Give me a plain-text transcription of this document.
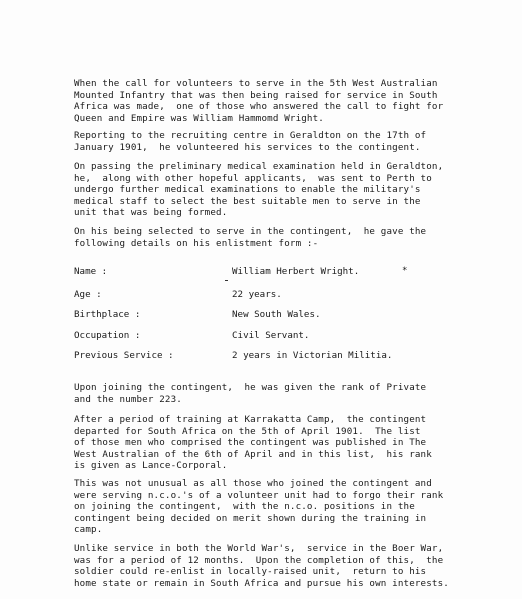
When the call for volunteers to serve in the 5th West Australian
Mounted Infantry that was then being raised for service in South
Africa was made,  one of those who answered the call to fight for
Queen and Empire was William Hammomd Wright.

Reporting to the recruiting centre in Geraldton on the 17th of
January 1901,  he volunteered his services to the contingent.

On passing the preliminary medical examination held in Geraldton,
he,  along with other hopeful applicants,  was sent to Perth to
undergo further medical examinations to enable the military's
medical staff to select the best suitable men to serve in the
unit that was being formed.

On his being selected to serve in the contingent,  he gave the
following details on his enlistment form :-

Name :	William Herbert Wright.	*
Age :	22 years.
Birthplace :	New South Wales.
Occupation :	Civil Servant.
Previous Service :	2 years in Victorian Militia.

Upon joining the contingent,  he was given the rank of Private
and the number 223.

After a period of training at Karrakatta Camp,  the contingent
departed for South Africa on the 5th of April 1901.  The list
of those men who comprised the contingent was published in The
West Australian of the 6th of April and in this list,  his rank
is given as Lance-Corporal.

This was not unusual as all those who joined the contingent and
were serving n.c.o.'s of a volunteer unit had to forgo their rank
on joining the contingent,  with the n.c.o. positions in the
contingent being decided on merit shown during the training in
camp.

Unlike service in both the World War's,  service in the Boer War,
was for a period of 12 months.  Upon the completion of this,  the
soldier could re-enlist in locally-raised unit,  return to his
home state or remain in South Africa and pursue his own interests.
